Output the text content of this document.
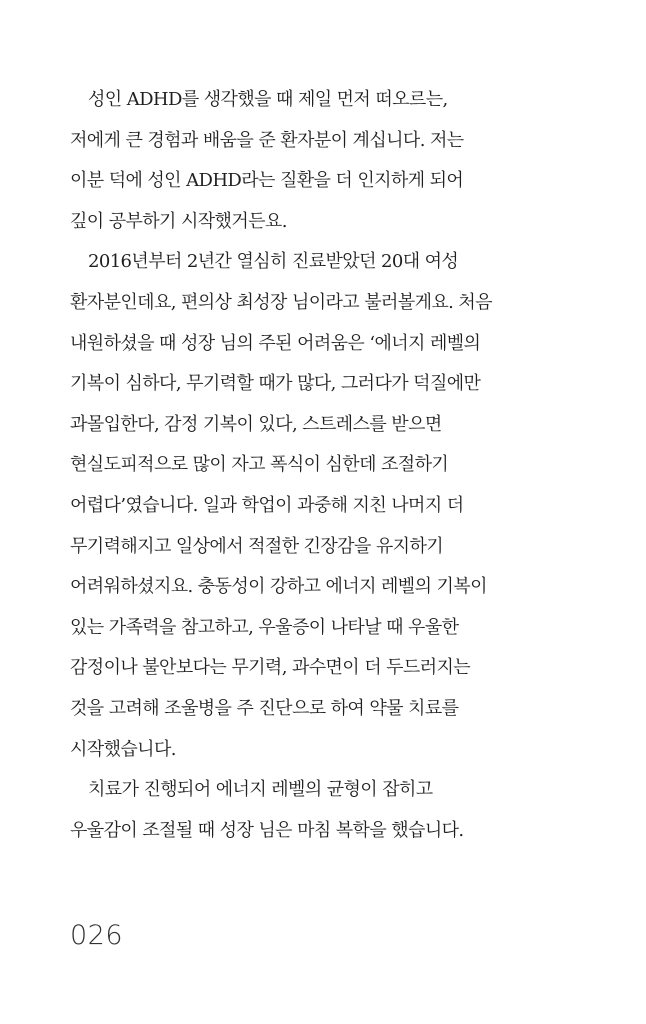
성인 ADHD를 생각했을 때 제일 먼저 떠오르는,
저에게 큰 경험과 배움을 준 환자분이 계십니다. 저는
이분 덕에 성인 ADHD라는 질환을 더 인지하게 되어
깊이 공부하기 시작했거든요.
2016년부터 2년간 열심히 진료받았던 20대 여성
환자분인데요, 편의상 최성장 님이라고 불러볼게요. 처음
내원하셨을 때 성장 님의 주된 어려움은 ‘에너지 레벨의
기복이 심하다, 무기력할 때가 많다, 그러다가 덕질에만
과몰입한다, 감정 기복이 있다, 스트레스를 받으면
현실도피적으로 많이 자고 폭식이 심한데 조절하기
어렵다’였습니다. 일과 학업이 과중해 지친 나머지 더
무기력해지고 일상에서 적절한 긴장감을 유지하기
어려워하셨지요. 충동성이 강하고 에너지 레벨의 기복이
있는 가족력을 참고하고, 우울증이 나타날 때 우울한
감정이나 불안보다는 무기력, 과수면이 더 두드러지는
것을 고려해 조울병을 주 진단으로 하여 약물 치료를
시작했습니다.
치료가 진행되어 에너지 레벨의 균형이 잡히고
우울감이 조절될 때 성장 님은 마침 복학을 했습니다.
026
